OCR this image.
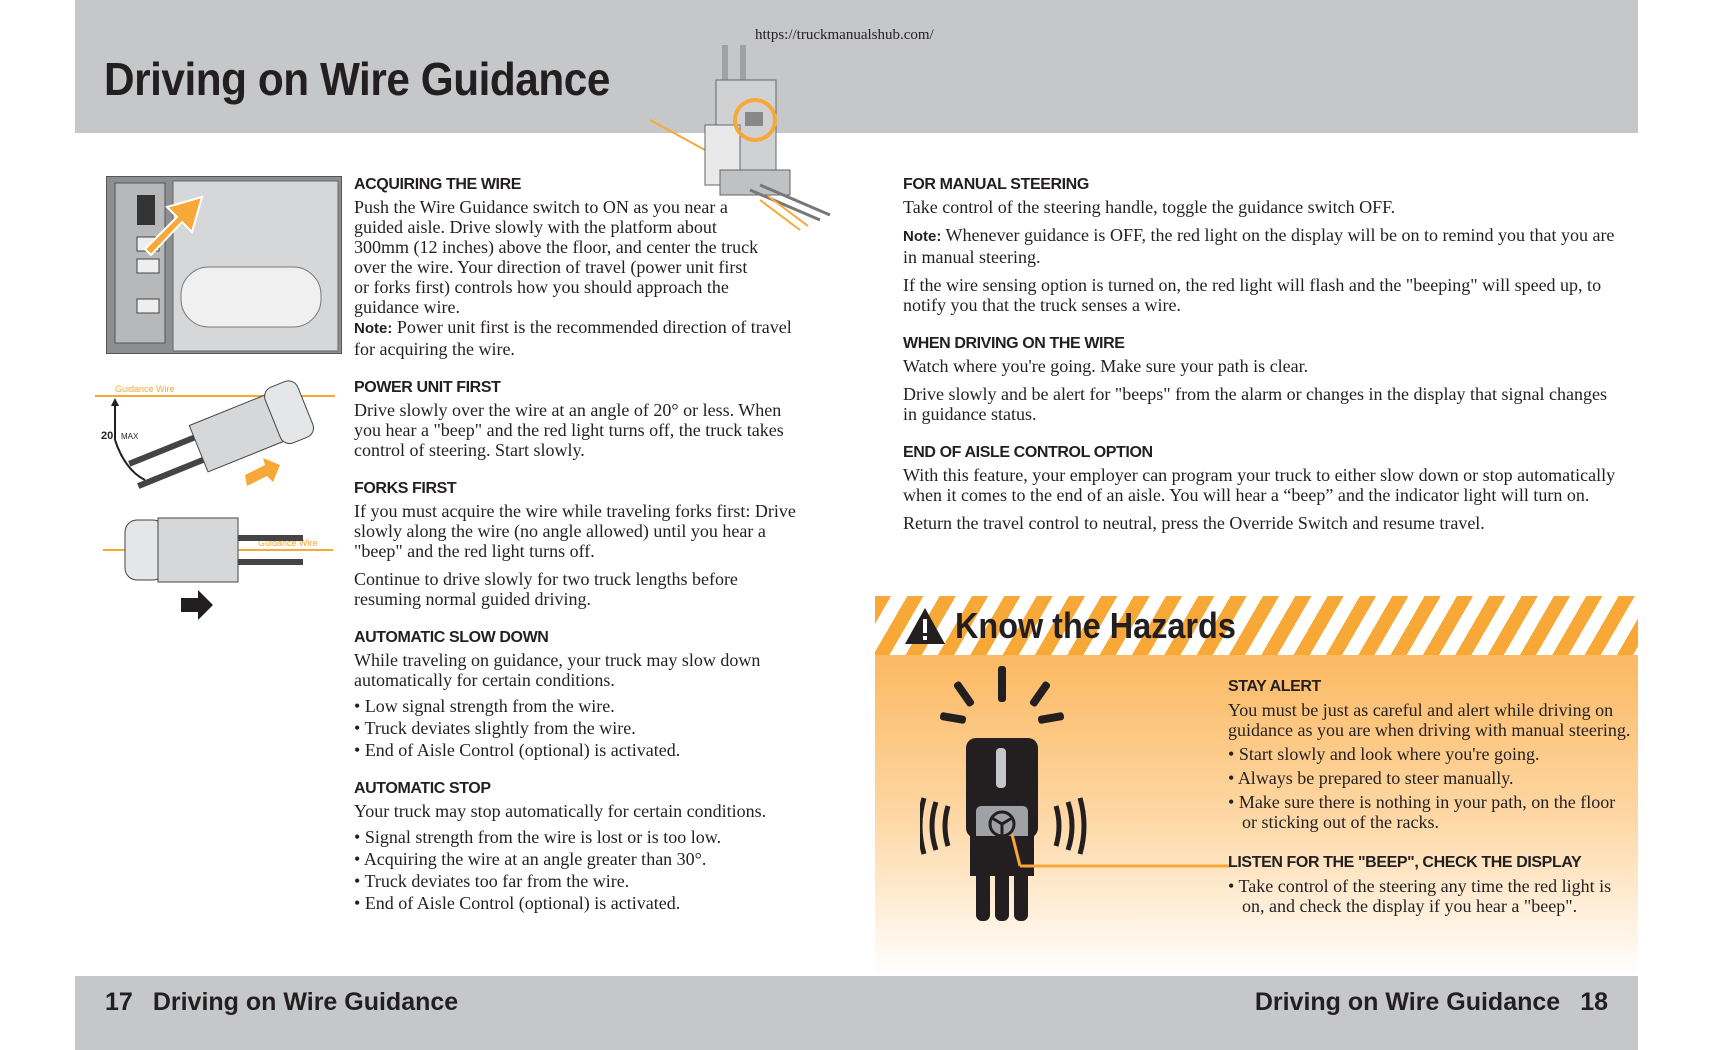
Driving on Wire Guidance
https://truckmanualshub.com/
Guidance Wire
20 MAX
Guidance Wire
ACQUIRING THE WIRE
Push the Wire Guidance switch to ON as you near a guided aisle. Drive slowly with the platform about 300mm (12 inches) above the floor, and center the truck over the wire. Your direction of travel (power unit first or forks first) controls how you should approach the guidance wire.
Note: Power unit first is the recommended direction of travel for acquiring the wire.
POWER UNIT FIRST
Drive slowly over the wire at an angle of 20° or less. When you hear a "beep" and the red light turns off, the truck takes control of steering. Start slowly.
FORKS FIRST
If you must acquire the wire while traveling forks first: Drive slowly along the wire (no angle allowed) until you hear a "beep" and the red light turns off.
Continue to drive slowly for two truck lengths before resuming normal guided driving.
AUTOMATIC SLOW DOWN
While traveling on guidance, your truck may slow down automatically for certain conditions.
• Low signal strength from the wire.
• Truck deviates slightly from the wire.
• End of Aisle Control (optional) is activated.
AUTOMATIC STOP
Your truck may stop automatically for certain conditions.
• Signal strength from the wire is lost or is too low.
• Acquiring the wire at an angle greater than 30°.
• Truck deviates too far from the wire.
• End of Aisle Control (optional) is activated.
FOR MANUAL STEERING
Take control of the steering handle, toggle the guidance switch OFF.
Note: Whenever guidance is OFF, the red light on the display will be on to remind you that you are in manual steering.
If the wire sensing option is turned on, the red light will flash and the "beeping" will speed up, to notify you that the truck senses a wire.
WHEN DRIVING ON THE WIRE
Watch where you're going. Make sure your path is clear.
Drive slowly and be alert for "beeps" from the alarm or changes in the display that signal changes in guidance status.
END OF AISLE CONTROL OPTION
With this feature, your employer can program your truck to either slow down or stop automatically when it comes to the end of an aisle. You will hear a “beep” and the indicator light will turn on.
Return the travel control to neutral, press the Override Switch and resume travel.
Know the Hazards
STAY ALERT
You must be just as careful and alert while driving on guidance as you are when driving with manual steering.
• Start slowly and look where you're going.
• Always be prepared to steer manually.
• Make sure there is nothing in your path, on the floor or sticking out of the racks.
LISTEN FOR THE "BEEP", CHECK THE DISPLAY
• Take control of the steering any time the red light is on, and check the display if you hear a "beep".
17 Driving on Wire Guidance	Driving on Wire Guidance 18
